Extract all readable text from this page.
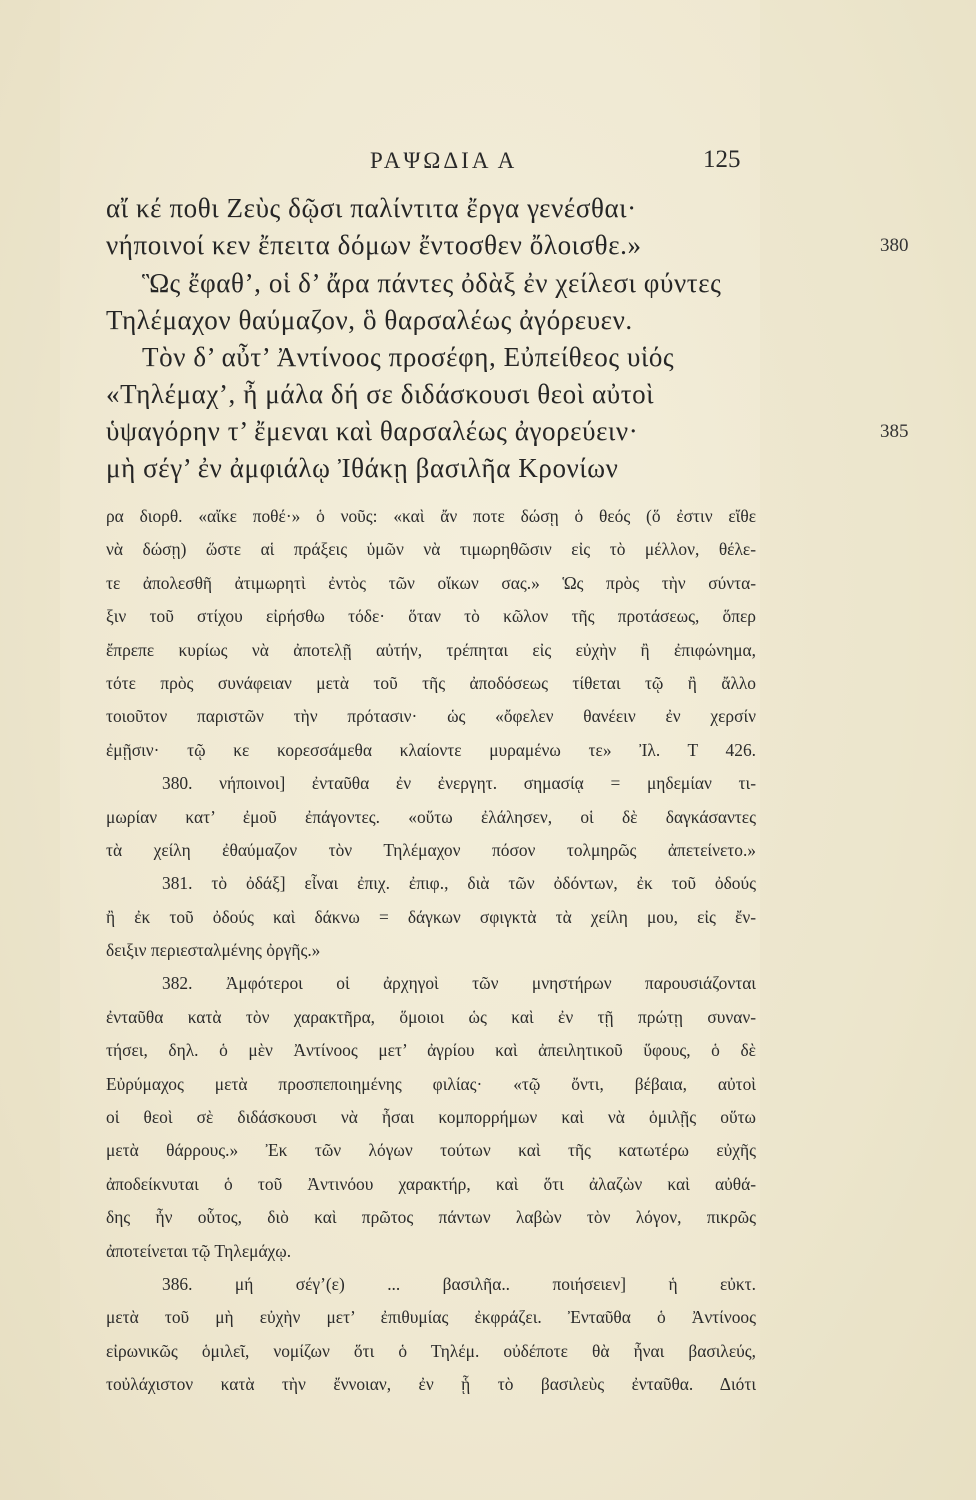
ΡΑΨΩΔΙΑ Α	125
αἴ κέ ποθι Ζεὺς δῷσι παλίντιτα ἔργα γενέσθαι·
380
νήποινοί κεν ἔπειτα δόμων ἔντοσθεν ὄλοισθε.»
Ὣς ἔφαθ’, οἱ δ’ ἄρα πάντες ὀδὰξ ἐν χείλεσι φύντες
Τηλέμαχον θαύμαζον, ὃ θαρσαλέως ἀγόρευεν.
Τὸν δ’ αὖτ’ Ἀντίνοος προσέφη, Εὐπείθεος υἱός
«Τηλέμαχ’, ἦ μάλα δή σε διδάσκουσι θεοὶ αὐτοὶ
ὑψαγόρην τ’ ἔμεναι καὶ θαρσαλέως ἀγορεύειν·	385
μὴ σέγ’ ἐν ἀμφιάλῳ Ἰθάκῃ βασιλῆα Κρονίων
ρα διορθ. «αἴκε ποθέ·» ὁ νοῦς: «καὶ ἄν ποτε δώσῃ ὁ θεός (ὅ ἐστιν εἴθε
νὰ δώσῃ) ὥστε αἱ πράξεις ὑμῶν νὰ τιμωρηθῶσιν εἰς τὸ μέλλον, θέλε-
τε ἀπολεσθῆ ἀτιμωρητὶ ἐντὸς τῶν οἴκων σας.» Ὡς πρὸς τὴν σύντα-
ξιν τοῦ στίχου εἰρήσθω τόδε· ὅταν τὸ κῶλον τῆς προτάσεως, ὅπερ
ἔπρεπε κυρίως νὰ ἀποτελῇ αὐτήν, τρέπηται εἰς εὐχὴν ἢ ἐπιφώνημα,
τότε πρὸς συνάφειαν μετὰ τοῦ τῆς ἀποδόσεως τίθεται τῷ ἢ ἄλλο
τοιοῦτον παριστῶν τὴν πρότασιν· ὡς «ὄφελεν θανέειν ἐν χερσίν
ἐμῇσιν· τῷ κε κορεσσάμεθα κλαίοντε μυραμένω τε» Ἰλ. Τ 426.
380. νήποινοι] ἐνταῦθα ἐν ἐνεργητ. σημασίᾳ = μηδεμίαν τι-
μωρίαν κατ’ ἐμοῦ ἐπάγοντες. «οὕτω ἐλάλησεν, οἱ δὲ δαγκάσαντες
τὰ χείλη ἐθαύμαζον τὸν Τηλέμαχον πόσον τολμηρῶς ἀπετείνετο.»
381. τὸ ὀδάξ] εἶναι ἐπιχ. ἐπιφ., διὰ τῶν ὀδόντων, ἐκ τοῦ ὀδούς
ἢ ἐκ τοῦ ὀδούς καὶ δάκνω = δάγκων σφιγκτὰ τὰ χείλη μου, εἰς ἔν-
δειξιν περιεσταλμένης ὀργῆς.»
382. Ἀμφότεροι οἱ ἀρχηγοὶ τῶν μνηστήρων παρουσιάζονται
ἐνταῦθα κατὰ τὸν χαρακτῆρα, ὅμοιοι ὡς καὶ ἐν τῇ πρώτῃ συναν-
τήσει, δηλ. ὁ μὲν Ἀντίνοος μετ’ ἀγρίου καὶ ἀπειλητικοῦ ὕφους, ὁ δὲ
Εὐρύμαχος μετὰ προσπεποιημένης φιλίας· «τῷ ὄντι, βέβαια, αὐτοὶ
οἱ θεοὶ σὲ διδάσκουσι νὰ ἦσαι κομπορρήμων καὶ νὰ ὁμιλῇς οὕτω
μετὰ θάρρους.» Ἐκ τῶν λόγων τούτων καὶ τῆς κατωτέρω εὐχῆς
ἀποδείκνυται ὁ τοῦ Ἀντινόου χαρακτήρ, καὶ ὅτι ἀλαζὼν καὶ αὐθά-
δης ἦν οὗτος, διὸ καὶ πρῶτος πάντων λαβὼν τὸν λόγον, πικρῶς
ἀποτείνεται τῷ Τηλεμάχῳ.
386. μή σέγ’(ε) ... βασιλῆα.. ποιήσειεν] ἡ εὐκτ.
μετὰ τοῦ μὴ εὐχὴν μετ’ ἐπιθυμίας ἐκφράζει. Ἐνταῦθα ὁ Ἀντίνοος
εἰρωνικῶς ὁμιλεῖ, νομίζων ὅτι ὁ Τηλέμ. οὐδέποτε θὰ ἦναι βασιλεύς,
τοὐλάχιστον κατὰ τὴν ἔννοιαν, ἐν ᾗ τὸ βασιλεὺς ἐνταῦθα. Διότι
